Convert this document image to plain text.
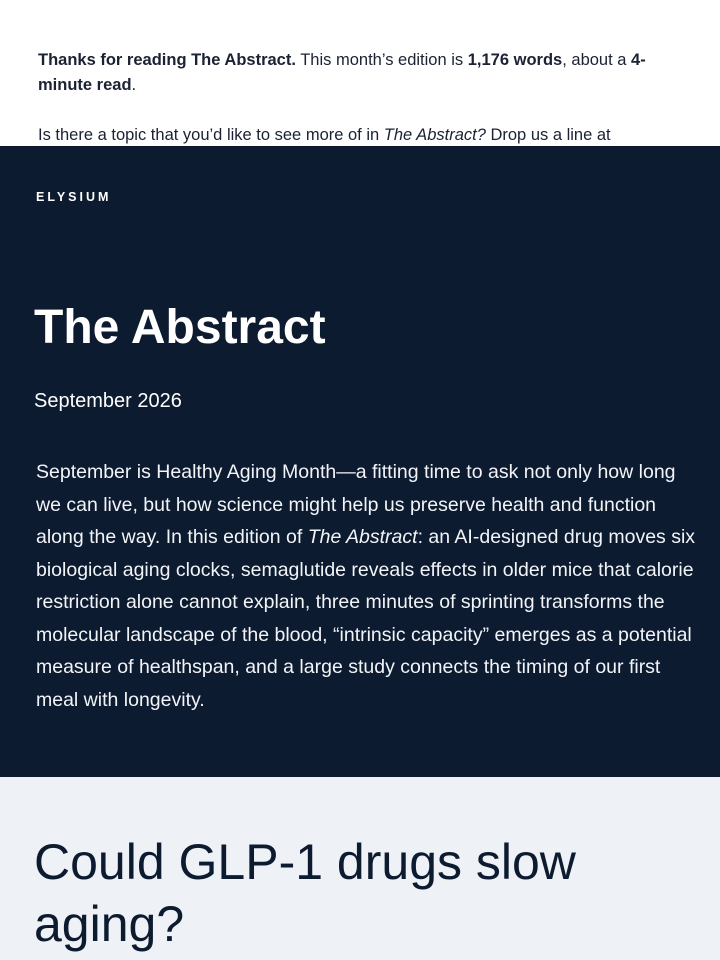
Thanks for reading The Abstract. This month’s edition is 1,176 words, about a 4-minute read.

Is there a topic that you’d like to see more of in The Abstract? Drop us a line at

ELYSIUM
The Abstract
September 2026

September is Healthy Aging Month—a fitting time to ask not only how long we can live, but how science might help us preserve health and function along the way. In this edition of The Abstract: an AI-designed drug moves six biological aging clocks, semaglutide reveals effects in older mice that calorie restriction alone cannot explain, three minutes of sprinting transforms the molecular landscape of the blood, “intrinsic capacity” emerges as a potential measure of healthspan, and a large study connects the timing of our first meal with longevity.

Could GLP-1 drugs slow aging?
